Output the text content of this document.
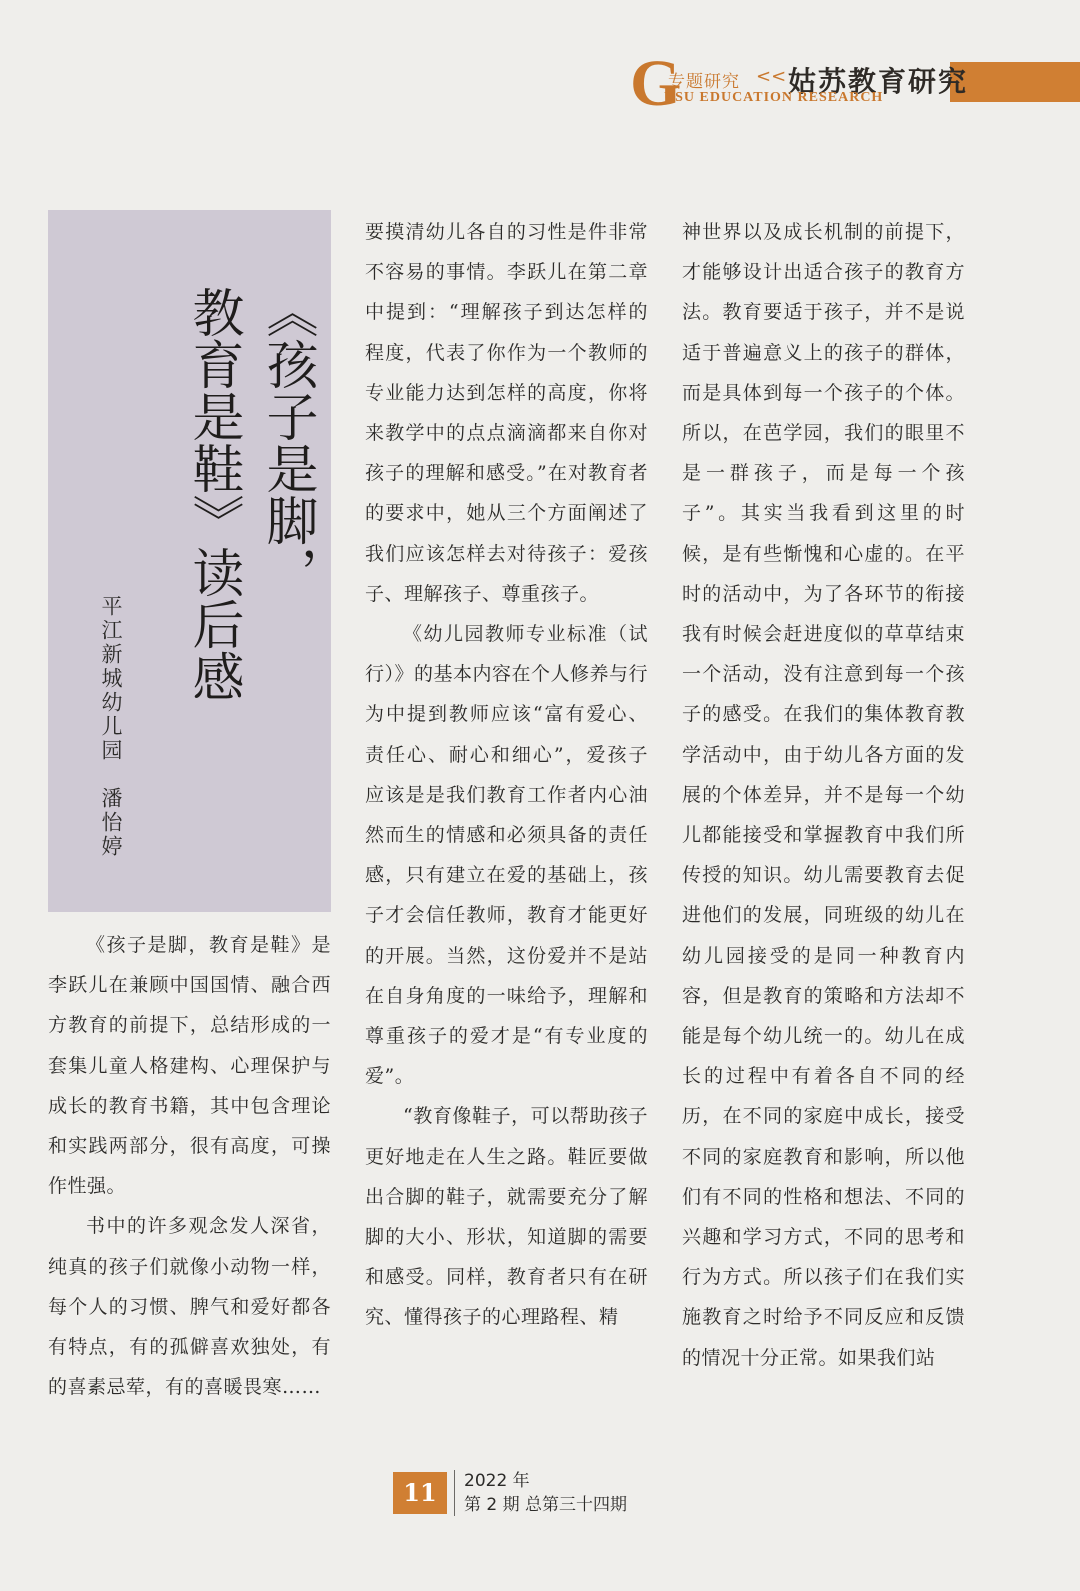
G
专题研究 << 姑苏教育研究
USU EDUCATION RESEARCH
《孩子是脚，
教育是鞋》读后感
平江新城幼儿园潘怡婷

《孩子是脚，教育是鞋》是李跃儿在兼顾中国国情、融合西方教育的前提下，总结形成的一套集儿童人格建构、心理保护与成长的教育书籍，其中包含理论和实践两部分，很有高度，可操作性强。

书中的许多观念发人深省，纯真的孩子们就像小动物一样，每个人的习惯、脾气和爱好都各有特点，有的孤僻喜欢独处，有的喜素忌荤，有的喜暖畏寒……

要摸清幼儿各自的习性是件非常不容易的事情。李跃儿在第二章中提到：“理解孩子到达怎样的程度，代表了你作为一个教师的专业能力达到怎样的高度，你将来教学中的点点滴滴都来自你对孩子的理解和感受。”在对教育者的要求中，她从三个方面阐述了我们应该怎样去对待孩子：爱孩子、理解孩子、尊重孩子。

《幼儿园教师专业标准（试行）》的基本内容在个人修养与行为中提到教师应该“富有爱心、责任心、耐心和细心”，爱孩子应该是是我们教育工作者内心油然而生的情感和必须具备的责任感，只有建立在爱的基础上，孩子才会信任教师，教育才能更好的开展。当然，这份爱并不是站在自身角度的一味给予，理解和尊重孩子的爱才是“有专业度的爱”。

“教育像鞋子，可以帮助孩子更好地走在人生之路。鞋匠要做出合脚的鞋子，就需要充分了解脚的大小、形状，知道脚的需要和感受。同样，教育者只有在研究、懂得孩子的心理路程、精

神世界以及成长机制的前提下，才能够设计出适合孩子的教育方法。教育要适于孩子，并不是说适于普遍意义上的孩子的群体，而是具体到每一个孩子的个体。所以，在芭学园，我们的眼里不是一群孩子，而是每一个孩子”。其实当我看到这里的时候，是有些惭愧和心虚的。在平时的活动中，为了各环节的衔接我有时候会赶进度似的草草结束一个活动，没有注意到每一个孩子的感受。在我们的集体教育教学活动中，由于幼儿各方面的发展的个体差异，并不是每一个幼儿都能接受和掌握教育中我们所传授的知识。幼儿需要教育去促进他们的发展，同班级的幼儿在幼儿园接受的是同一种教育内容，但是教育的策略和方法却不能是每个幼儿统一的。幼儿在成长的过程中有着各自不同的经历，在不同的家庭中成长，接受不同的家庭教育和影响，所以他们有不同的性格和想法、不同的兴趣和学习方式，不同的思考和行为方式。所以孩子们在我们实施教育之时给予不同反应和反馈的情况十分正常。如果我们站

11	2022 年
第 2 期 总第三十四期
